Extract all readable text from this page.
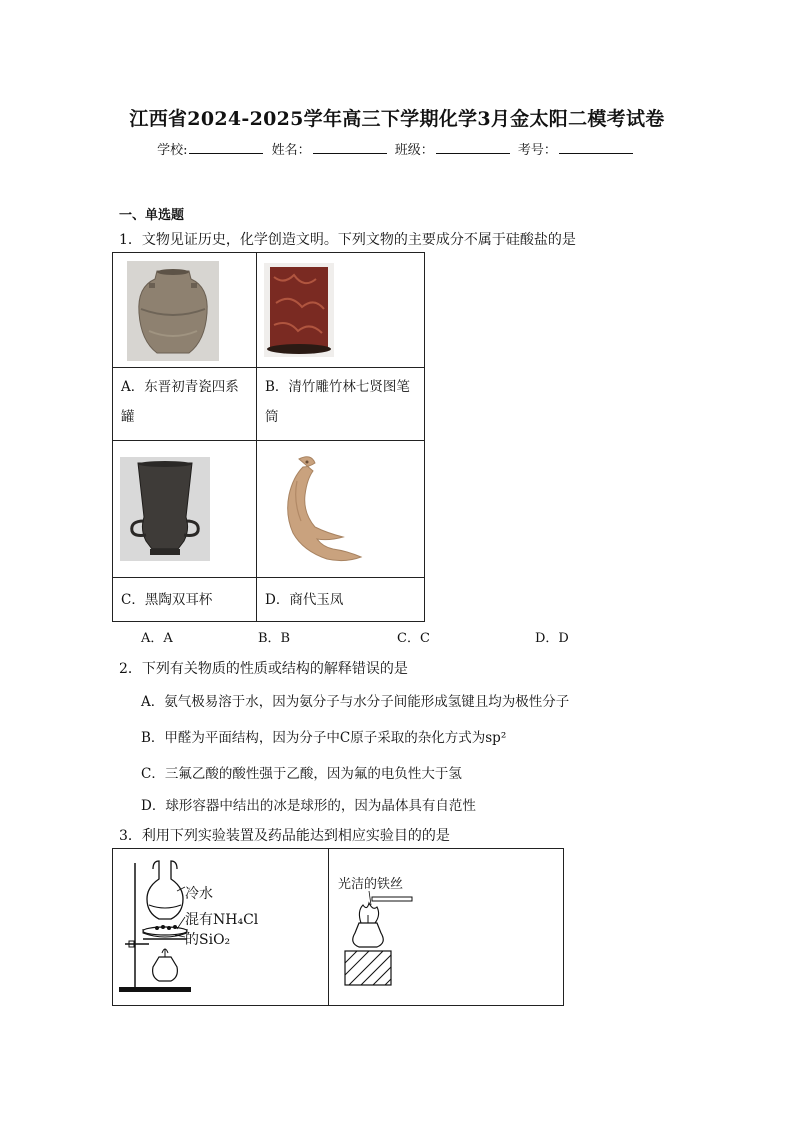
江西省2024-2025学年高三下学期化学3月金太阳二模考试卷
学校:	姓名：	班级：	考号：
一、单选题
1．文物见证历史，化学创造文明。下列文物的主要成分不属于硅酸盐的是

A．东晋初青瓷四系罐	B．清竹雕竹林七贤图笔筒

C．黑陶双耳杯	D．商代玉凤
A．A	B．B	C．C	D．D
2．下列有关物质的性质或结构的解释错误的是
A．氨气极易溶于水，因为氨分子与水分子间能形成氢键且均为极性分子
B．甲醛为平面结构，因为分子中C原子采取的杂化方式为sp²
C．三氟乙酸的酸性强于乙酸，因为氟的电负性大于氢
D．球形容器中结出的冰是球形的，因为晶体具有自范性
3．利用下列实验装置及药品能达到相应实验目的的是
冷水
混有NH₄Cl
的SiO₂

光洁的铁丝
